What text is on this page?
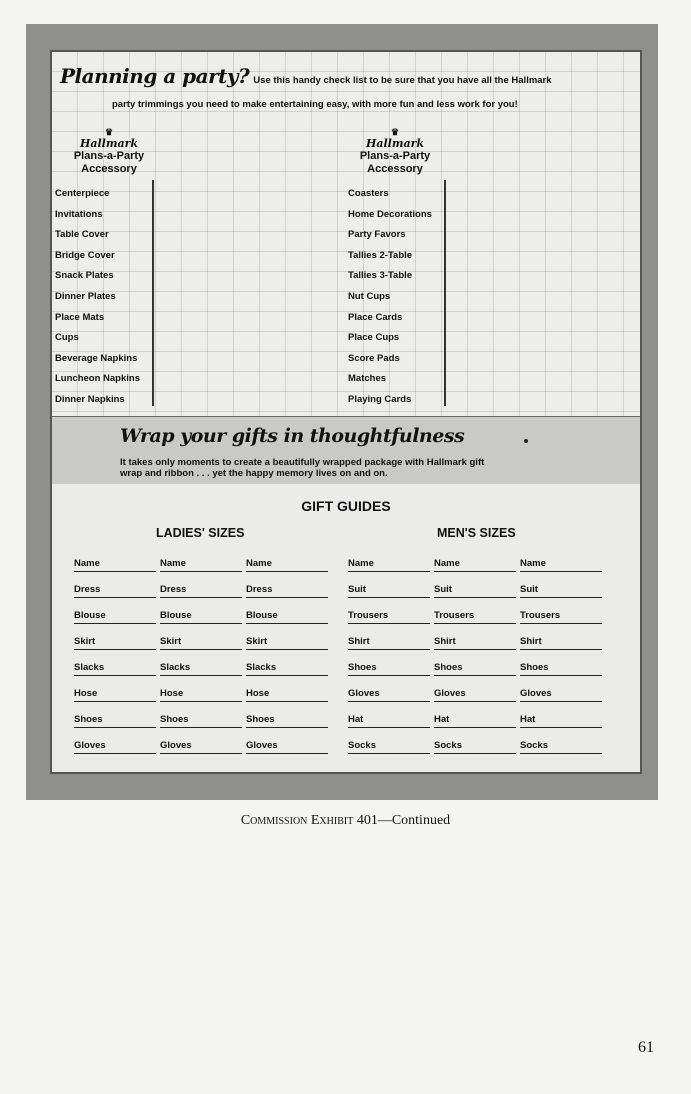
Planning a party? Use this handy check list to be sure that you have all the Hallmark
party trimmings you need to make entertaining easy, with more fun and less work for you!
♛
Hallmark
Plans-a-Party
Accessory
♛
Hallmark
Plans-a-Party
Accessory
Centerpiece
Invitations
Table Cover
Bridge Cover
Snack Plates
Dinner Plates
Place Mats
Cups
Beverage Napkins
Luncheon Napkins
Dinner Napkins
Coasters
Home Decorations
Party Favors
Tallies 2-Table
Tallies 3-Table
Nut Cups
Place Cards
Place Cups
Score Pads
Matches
Playing Cards
Wrap your gifts in thoughtfulness
It takes only moments to create a beautifully wrapped package with Hallmark gift
wrap and ribbon . . . yet the happy memory lives on and on.
GIFT GUIDES
LADIES' SIZES	MEN'S SIZES
Name	Name	Name
Dress	Dress	Dress
Blouse	Blouse	Blouse
Skirt	Skirt	Skirt
Slacks	Slacks	Slacks
Hose	Hose	Hose
Shoes	Shoes	Shoes
Gloves	Gloves	Gloves
Name	Name	Name
Suit	Suit	Suit
Trousers	Trousers	Trousers
Shirt	Shirt	Shirt
Shoes	Shoes	Shoes
Gloves	Gloves	Gloves
Hat	Hat	Hat
Socks	Socks	Socks
Commission Exhibit 401—Continued
61
